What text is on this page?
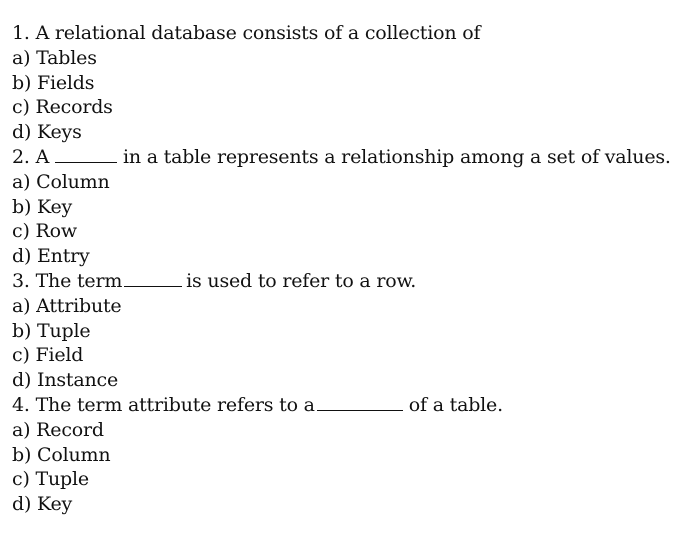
1. A relational database consists of a collection of
a) Tables
b) Fields
c) Records
d) Keys
2. A	in a table represents a relationship among a set of values.
a) Column
b) Key
c) Row
d) Entry
3. The term	is used to refer to a row.
a) Attribute
b) Tuple
c) Field
d) Instance
4. The term attribute refers to a	of a table.
a) Record
b) Column
c) Tuple
d) Key
